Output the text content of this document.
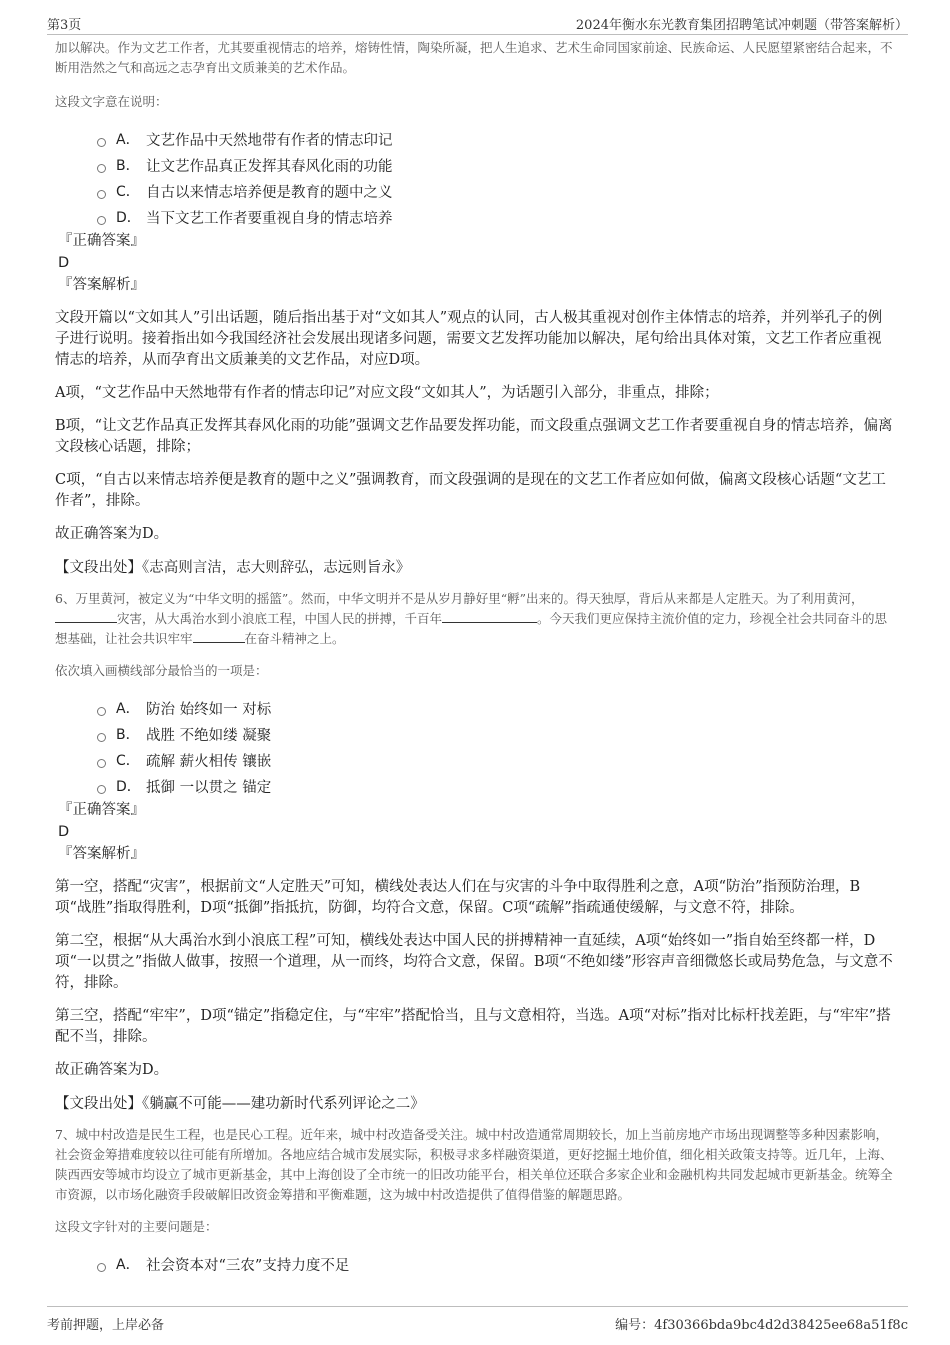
第3页	2024年衡水东光教育集团招聘笔试冲刺题（带答案解析）

加以解决。作为文艺工作者，尤其要重视情志的培养，熔铸性情，陶染所凝，把人生追求、艺术生命同国家前途、民族命运、人民愿望紧密结合起来，不断用浩然之气和高远之志孕育出文质兼美的艺术作品。

这段文字意在说明：

A． 文艺作品中天然地带有作者的情志印记
B． 让文艺作品真正发挥其春风化雨的功能
C． 自古以来情志培养便是教育的题中之义
D． 当下文艺工作者要重视自身的情志培养

『正确答案』

D

『答案解析』

文段开篇以“文如其人”引出话题，随后指出基于对“文如其人”观点的认同，古人极其重视对创作主体情志的培养，并列举孔子的例子进行说明。接着指出如今我国经济社会发展出现诸多问题，需要文艺发挥功能加以解决，尾句给出具体对策，文艺工作者应重视情志的培养，从而孕育出文质兼美的文艺作品，对应D项。

A项，“文艺作品中天然地带有作者的情志印记”对应文段“文如其人”，为话题引入部分，非重点，排除；

B项，“让文艺作品真正发挥其春风化雨的功能”强调文艺作品要发挥功能，而文段重点强调文艺工作者要重视自身的情志培养，偏离文段核心话题，排除；

C项，“自古以来情志培养便是教育的题中之义”强调教育，而文段强调的是现在的文艺工作者应如何做，偏离文段核心话题“文艺工作者”，排除。

故正确答案为D。

【文段出处】《志高则言洁，志大则辞弘，志远则旨永》

6、万里黄河，被定义为“中华文明的摇篮”。然而，中华文明并不是从岁月静好里“孵”出来的。得天独厚，背后从来都是人定胜天。为了利用黄河，灾害，从大禹治水到小浪底工程，中国人民的拼搏，千百年	。今天我们更应保持主流价值的定力，珍视全社会共同奋斗的思想基础，让社会共识牢牢	在奋斗精神之上。

依次填入画横线部分最恰当的一项是：

A． 防治 始终如一 对标
B． 战胜 不绝如缕 凝聚
C． 疏解 薪火相传 镶嵌
D． 抵御 一以贯之 锚定

『正确答案』

D

『答案解析』

第一空，搭配“灾害”，根据前文“人定胜天”可知，横线处表达人们在与灾害的斗争中取得胜利之意，A项“防治”指预防治理，B项“战胜”指取得胜利，D项“抵御”指抵抗，防御，均符合文意，保留。C项“疏解”指疏通使缓解，与文意不符，排除。

第二空，根据“从大禹治水到小浪底工程”可知，横线处表达中国人民的拼搏精神一直延续，A项“始终如一”指自始至终都一样，D项“一以贯之”指做人做事，按照一个道理，从一而终，均符合文意，保留。B项“不绝如缕”形容声音细微悠长或局势危急，与文意不符，排除。

第三空，搭配“牢牢”，D项“锚定”指稳定住，与“牢牢”搭配恰当，且与文意相符，当选。A项“对标”指对比标杆找差距，与“牢牢”搭配不当，排除。

故正确答案为D。

【文段出处】《躺赢不可能——建功新时代系列评论之二》

7、城中村改造是民生工程，也是民心工程。近年来，城中村改造备受关注。城中村改造通常周期较长，加上当前房地产市场出现调整等多种因素影响，社会资金筹措难度较以往可能有所增加。各地应结合城市发展实际，积极寻求多样融资渠道，更好挖掘土地价值，细化相关政策支持等。近几年，上海、陕西西安等城市均设立了城市更新基金，其中上海创设了全市统一的旧改功能平台，相关单位还联合多家企业和金融机构共同发起城市更新基金。统筹全市资源，以市场化融资手段破解旧改资金筹措和平衡难题，这为城中村改造提供了值得借鉴的解题思路。

这段文字针对的主要问题是：

A． 社会资本对“三农”支持力度不足
考前押题，上岸必备	编号：4f30366bda9bc4d2d38425ee68a51f8c
